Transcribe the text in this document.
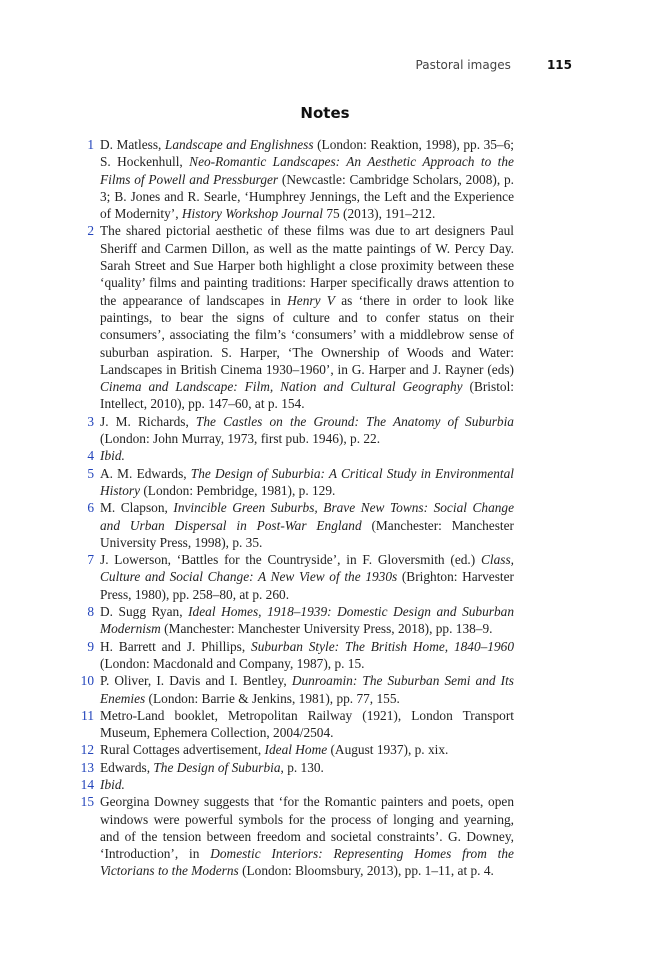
Pastoral images	115
Notes
1 D. Matless, Landscape and Englishness (London: Reaktion, 1998), pp. 35–6; S. Hockenhull, Neo-Romantic Landscapes: An Aesthetic Approach to the Films of Powell and Pressburger (Newcastle: Cambridge Scholars, 2008), p. 3; B. Jones and R. Searle, ‘Humphrey Jennings, the Left and the Experience of Modernity’, History Workshop Journal 75 (2013), 191–212.
2 The shared pictorial aesthetic of these films was due to art designers Paul Sheriff and Carmen Dillon, as well as the matte paintings of W. Percy Day. Sarah Street and Sue Harper both highlight a close proximity between these ‘quality’ films and painting traditions: Harper specifically draws attention to the appearance of landscapes in Henry V as ‘there in order to look like paintings, to bear the signs of culture and to confer status on their consumers’, associating the film’s ‘consumers’ with a middlebrow sense of suburban aspiration. S. Harper, ‘The Ownership of Woods and Water: Landscapes in British Cinema 1930–1960’, in G. Harper and J. Rayner (eds) Cinema and Landscape: Film, Nation and Cultural Geography (Bristol: Intellect, 2010), pp. 147–60, at p. 154.
3 J. M. Richards, The Castles on the Ground: The Anatomy of Suburbia (London: John Murray, 1973, first pub. 1946), p. 22.
4 Ibid.
5 A. M. Edwards, The Design of Suburbia: A Critical Study in Environmental History (London: Pembridge, 1981), p. 129.
6 M. Clapson, Invincible Green Suburbs, Brave New Towns: Social Change and Urban Dispersal in Post-War England (Manchester: Manchester University Press, 1998), p. 35.
7 J. Lowerson, ‘Battles for the Countryside’, in F. Gloversmith (ed.) Class, Culture and Social Change: A New View of the 1930s (Brighton: Harvester Press, 1980), pp. 258–80, at p. 260.
8 D. Sugg Ryan, Ideal Homes, 1918–1939: Domestic Design and Suburban Modernism (Manchester: Manchester University Press, 2018), pp. 138–9.
9 H. Barrett and J. Phillips, Suburban Style: The British Home, 1840–1960 (London: Macdonald and Company, 1987), p. 15.
10 P. Oliver, I. Davis and I. Bentley, Dunroamin: The Suburban Semi and Its Enemies (London: Barrie & Jenkins, 1981), pp. 77, 155.
11 Metro-Land booklet, Metropolitan Railway (1921), London Transport Museum, Ephemera Collection, 2004/2504.
12 Rural Cottages advertisement, Ideal Home (August 1937), p. xix.
13 Edwards, The Design of Suburbia, p. 130.
14 Ibid.
15 Georgina Downey suggests that ‘for the Romantic painters and poets, open windows were powerful symbols for the process of longing and yearning, and of the tension between freedom and societal constraints’. G. Downey, ‘Introduction’, in Domestic Interiors: Representing Homes from the Victorians to the Moderns (London: Bloomsbury, 2013), pp. 1–11, at p. 4.
